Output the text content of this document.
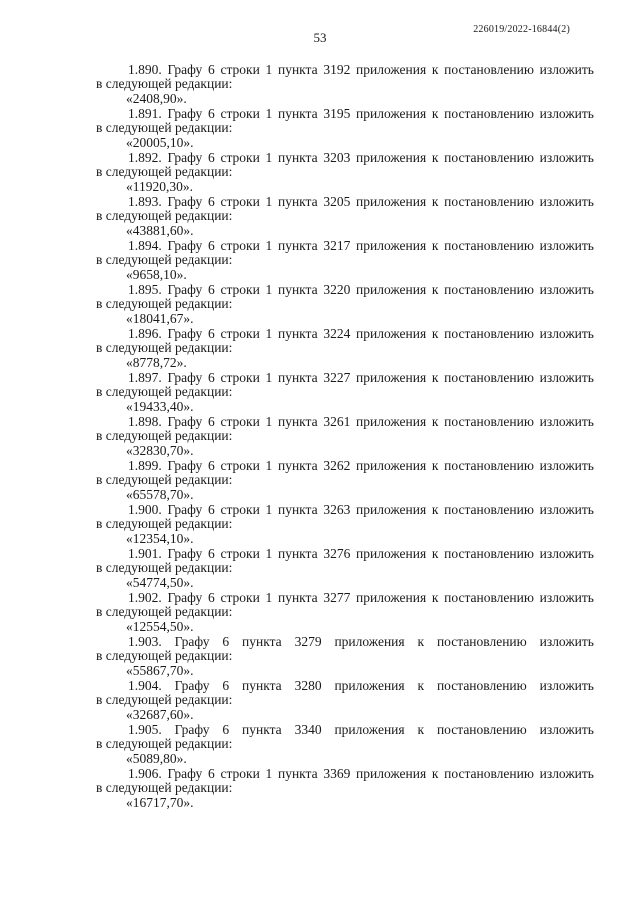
53
226019/2022-16844(2)
1.890. Графу 6 строки 1 пункта 3192 приложения к постановлению изложить
в следующей редакции:
«2408,90».
1.891. Графу 6 строки 1 пункта 3195 приложения к постановлению изложить
в следующей редакции:
«20005,10».
1.892. Графу 6 строки 1 пункта 3203 приложения к постановлению изложить
в следующей редакции:
«11920,30».
1.893. Графу 6 строки 1 пункта 3205 приложения к постановлению изложить
в следующей редакции:
«43881,60».
1.894. Графу 6 строки 1 пункта 3217 приложения к постановлению изложить
в следующей редакции:
«9658,10».
1.895. Графу 6 строки 1 пункта 3220 приложения к постановлению изложить
в следующей редакции:
«18041,67».
1.896. Графу 6 строки 1 пункта 3224 приложения к постановлению изложить
в следующей редакции:
«8778,72».
1.897. Графу 6 строки 1 пункта 3227 приложения к постановлению изложить
в следующей редакции:
«19433,40».
1.898. Графу 6 строки 1 пункта 3261 приложения к постановлению изложить
в следующей редакции:
«32830,70».
1.899. Графу 6 строки 1 пункта 3262 приложения к постановлению изложить
в следующей редакции:
«65578,70».
1.900. Графу 6 строки 1 пункта 3263 приложения к постановлению изложить
в следующей редакции:
«12354,10».
1.901. Графу 6 строки 1 пункта 3276 приложения к постановлению изложить
в следующей редакции:
«54774,50».
1.902. Графу 6 строки 1 пункта 3277 приложения к постановлению изложить
в следующей редакции:
«12554,50».
1.903. Графу 6 пункта 3279 приложения к постановлению изложить
в следующей редакции:
«55867,70».
1.904. Графу 6 пункта 3280 приложения к постановлению изложить
в следующей редакции:
«32687,60».
1.905. Графу 6 пункта 3340 приложения к постановлению изложить
в следующей редакции:
«5089,80».
1.906. Графу 6 строки 1 пункта 3369 приложения к постановлению изложить
в следующей редакции:
«16717,70».
